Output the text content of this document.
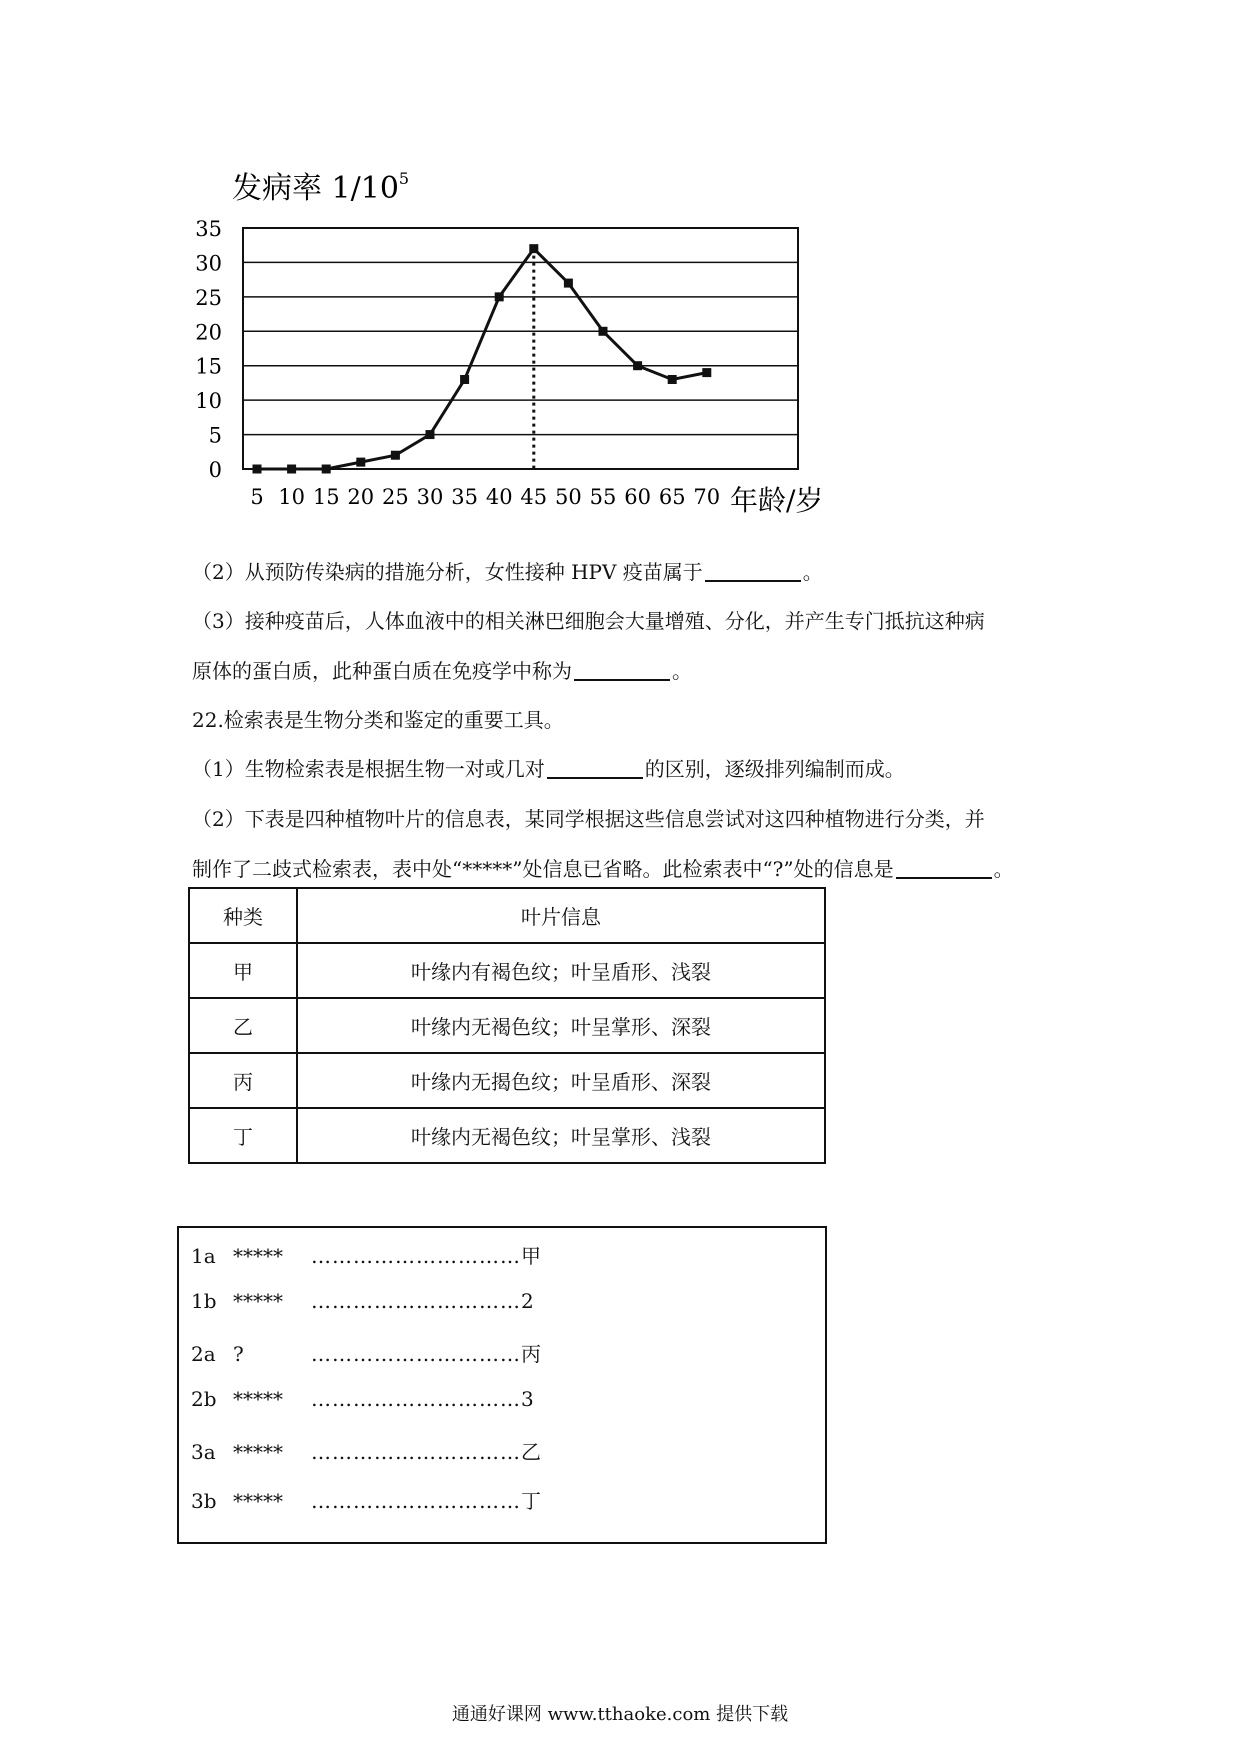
发病率 $1/10^5$
0
5
10
15
20
25
30
35
5 10 15 20 25 30 35 40 45 50 55 60 65 70 年龄/岁
（2）从预防传染病的措施分析，女性接种 HPV 疫苗属于	。
（3）接种疫苗后，人体血液中的相关淋巴细胞会大量增殖、分化，并产生专门抵抗这种病
原体的蛋白质，此种蛋白质在免疫学中称为	。
22.检索表是生物分类和鉴定的重要工具。
（1）生物检索表是根据生物一对或几对	的区别，逐级排列编制而成。
（2）下表是四种植物叶片的信息表，某同学根据这些信息尝试对这四种植物进行分类，并
制作了二歧式检索表，表中处“*****”处信息已省略。此检索表中“?”处的信息是	。
种类	叶片信息
甲	叶缘内有褐色纹；叶呈盾形、浅裂
乙	叶缘内无褐色纹；叶呈掌形、深裂
丙	叶缘内无揭色纹；叶呈盾形、深裂
丁	叶缘内无褐色纹；叶呈掌形、浅裂
1a ***** …………………………甲
1b ***** …………………………2
2a ?	…………………………丙
2b ***** …………………………3
3a ***** …………………………乙
3b ***** …………………………丁
通通好课网 www.tthaoke.com 提供下载
